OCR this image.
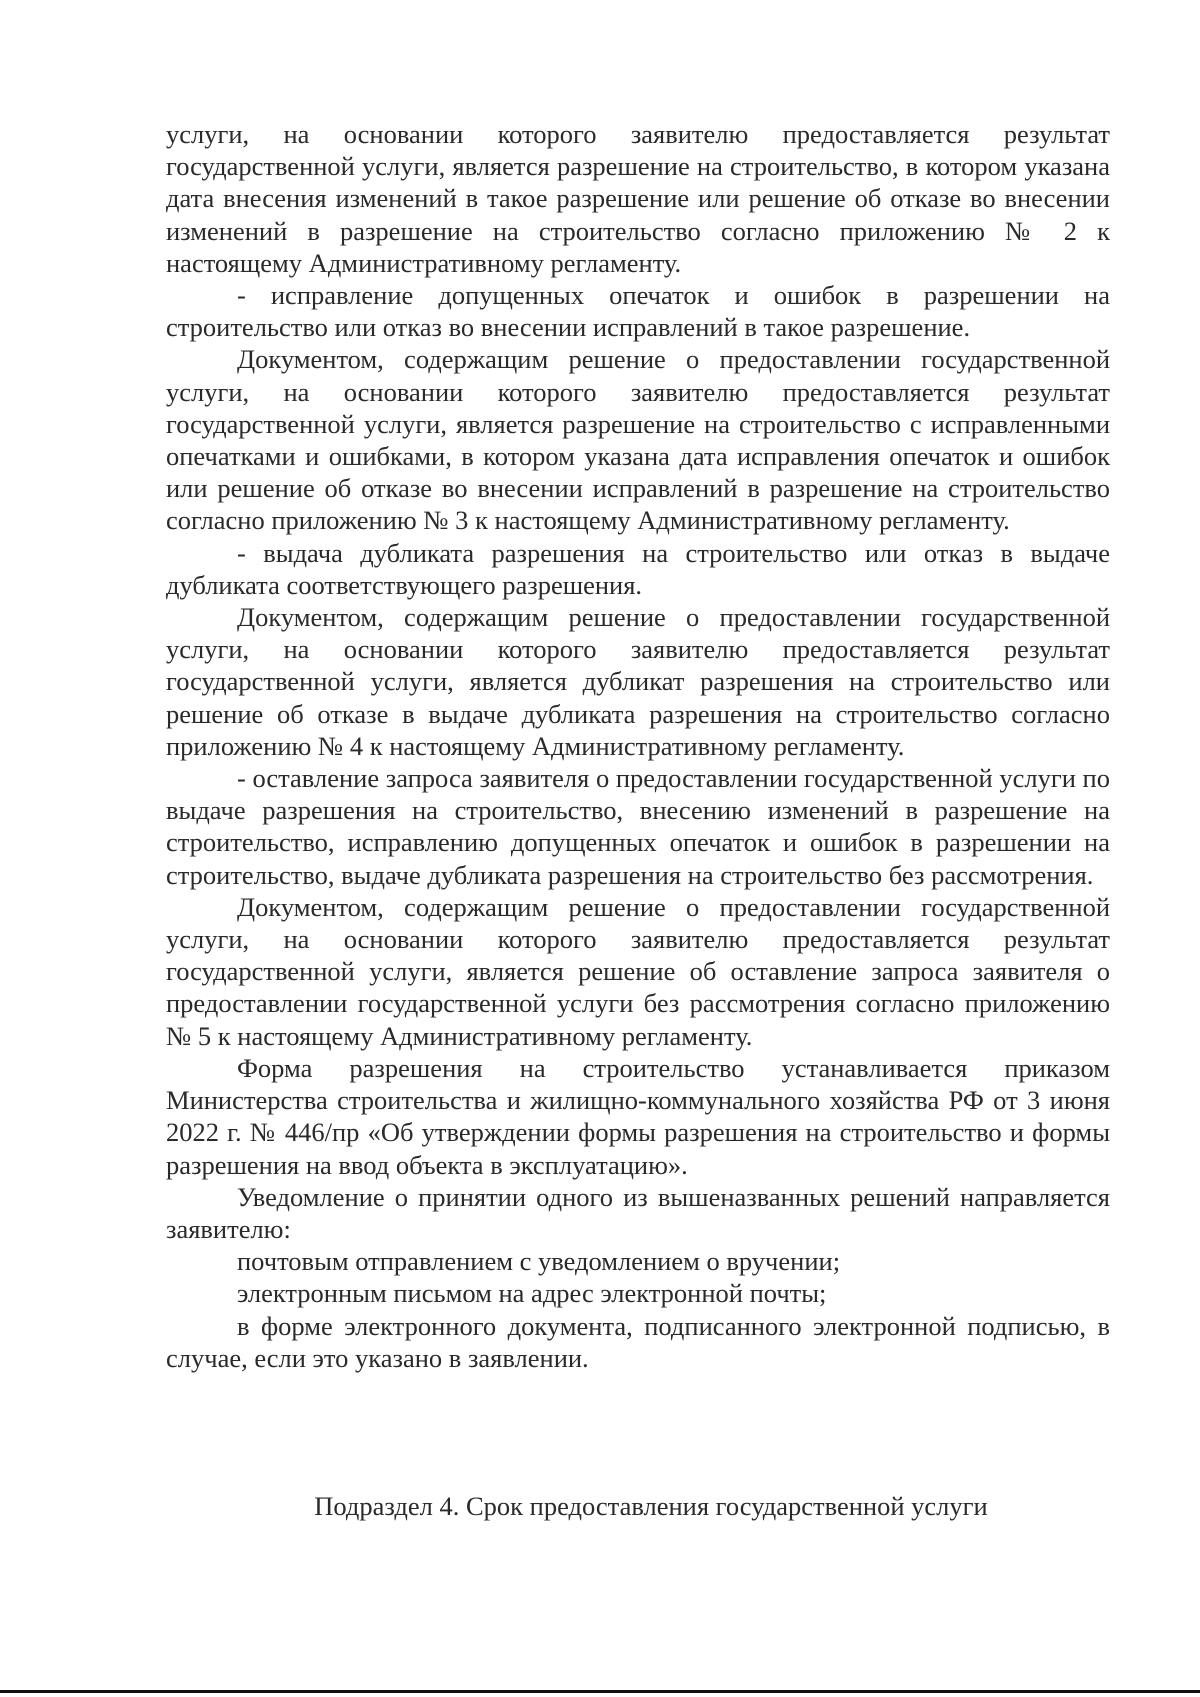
услуги, на основании которого заявителю предоставляется результат государственной услуги, является разрешение на строительство, в котором указана дата внесения изменений в такое разрешение или решение об отказе во внесении изменений в разрешение на строительство согласно приложению № 2 к настоящему Административному регламенту.

- исправление допущенных опечаток и ошибок в разрешении на строительство или отказ во внесении исправлений в такое разрешение.

Документом, содержащим решение о предоставлении государственной услуги, на основании которого заявителю предоставляется результат государственной услуги, является разрешение на строительство с исправленными опечатками и ошибками, в котором указана дата исправления опечаток и ошибок или решение об отказе во внесении исправлений в разрешение на строительство согласно приложению № 3 к настоящему Административному регламенту.

- выдача дубликата разрешения на строительство или отказ в выдаче дубликата соответствующего разрешения.

Документом, содержащим решение о предоставлении государственной услуги, на основании которого заявителю предоставляется результат государственной услуги, является дубликат разрешения на строительство или решение об отказе в выдаче дубликата разрешения на строительство согласно приложению № 4 к настоящему Административному регламенту.

- оставление запроса заявителя о предоставлении государственной услуги по выдаче разрешения на строительство, внесению изменений в разрешение на строительство, исправлению допущенных опечаток и ошибок в разрешении на строительство, выдаче дубликата разрешения на строительство без рассмотрения.

Документом, содержащим решение о предоставлении государственной услуги, на основании которого заявителю предоставляется результат государственной услуги, является решение об оставление запроса заявителя о предоставлении государственной услуги без рассмотрения согласно приложению № 5 к настоящему Административному регламенту.

Форма разрешения на строительство устанавливается приказом Министерства строительства и жилищно-коммунального хозяйства РФ от 3 июня 2022 г. № 446/пр «Об утверждении формы разрешения на строительство и формы разрешения на ввод объекта в эксплуатацию».

Уведомление о принятии одного из вышеназванных решений направляется заявителю:

почтовым отправлением с уведомлением о вручении;

электронным письмом на адрес электронной почты;

в форме электронного документа, подписанного электронной подписью, в случае, если это указано в заявлении.

Подраздел 4. Срок предоставления государственной услуги
